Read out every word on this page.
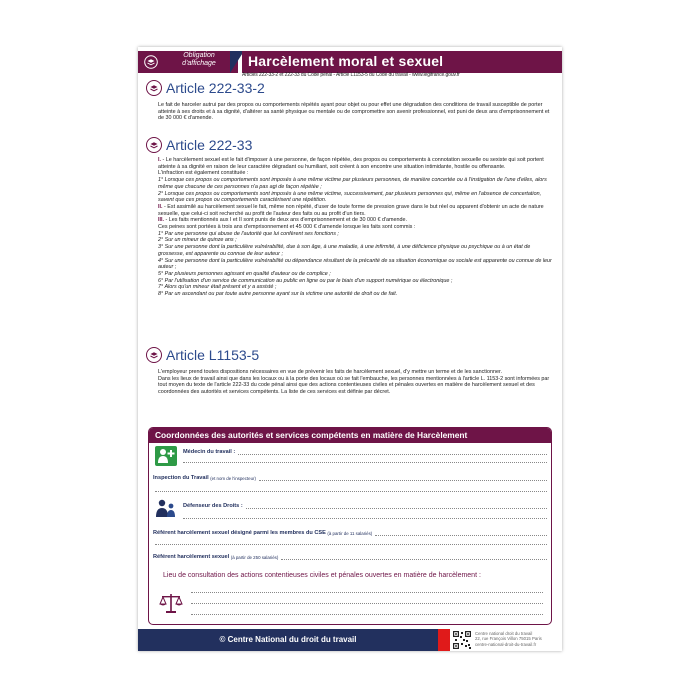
Obligation d'affichage	Harcèlement moral et sexuel
Articles 222-33-2 et 222-33 du Code pénal - Article L1153-5 du Code du travail - www.legifrance.gouv.fr
Article 222-33-2
Le fait de harceler autrui par des propos ou comportements répétés ayant pour objet ou pour effet une dégradation des conditions de travail susceptible de porter atteinte à ses droits et à sa dignité, d'altérer sa santé physique ou mentale ou de compromettre son avenir professionnel, est puni de deux ans d'emprisonnement et de 30 000 € d'amende.
Article 222-33

I. - Le harcèlement sexuel est le fait d'imposer à une personne, de façon répétée, des propos ou comportements à connotation sexuelle ou sexiste qui soit portent atteinte à sa dignité en raison de leur caractère dégradant ou humiliant, soit créent à son encontre une situation intimidante, hostile ou offensante.

L'infraction est également constituée :

1° Lorsque ces propos ou comportements sont imposés à une même victime par plusieurs personnes, de manière concertée ou à l'instigation de l'une d'elles, alors même que chacune de ces personnes n'a pas agi de façon répétée ;

2° Lorsque ces propos ou comportements sont imposés à une même victime, successivement, par plusieurs personnes qui, même en l'absence de concertation, savent que ces propos ou comportements caractérisent une répétition.

II. - Est assimilé au harcèlement sexuel le fait, même non répété, d'user de toute forme de pression grave dans le but réel ou apparent d'obtenir un acte de nature sexuelle, que celui-ci soit recherché au profit de l'auteur des faits ou au profit d'un tiers.

III. - Les faits mentionnés aux I et II sont punis de deux ans d'emprisonnement et de 30 000 € d'amende.

Ces peines sont portées à trois ans d'emprisonnement et 45 000 € d'amende lorsque les faits sont commis :

1° Par une personne qui abuse de l'autorité que lui confèrent ses fonctions ;

2° Sur un mineur de quinze ans ;

3° Sur une personne dont la particulière vulnérabilité, due à son âge, à une maladie, à une infirmité, à une déficience physique ou psychique ou à un état de grossesse, est apparente ou connue de leur auteur ;

4° Sur une personne dont la particulière vulnérabilité ou dépendance résultant de la précarité de sa situation économique ou sociale est apparente ou connue de leur auteur ;

5° Par plusieurs personnes agissant en qualité d'auteur ou de complice ;

6° Par l'utilisation d'un service de communication au public en ligne ou par le biais d'un support numérique ou électronique ;

7° Alors qu'un mineur était présent et y a assisté ;

8° Par un ascendant ou par toute autre personne ayant sur la victime une autorité de droit ou de fait.

Article L1153-5

L'employeur prend toutes dispositions nécessaires en vue de prévenir les faits de harcèlement sexuel, d'y mettre un terme et de les sanctionner.

Dans les lieux de travail ainsi que dans les locaux ou à la porte des locaux où se fait l'embauche, les personnes mentionnées à l'article L. 1153-2 sont informées par tout moyen du texte de l'article 222-33 du code pénal ainsi que des actions contentieuses civiles et pénales ouvertes en matière de harcèlement sexuel et des coordonnées des autorités et services compétents. La liste de ces services est définie par décret.

Coordonnées des autorités et services compétents en matière de Harcèlement
Médecin du travail :
Inspection du Travail
(et nom de l'inspecteur)
Défenseur des Droits :
Référent harcèlement sexuel désigné parmi les membres du CSE
(à partir de 11 salariés)
Référent harcèlement sexuel
(à partir de 250 salariés)
Lieu de consultation des actions contentieuses civiles et pénales ouvertes en matière de harcèlement :
© Centre National du droit du travail
Centre national droit du travail
22, rue François Villon 75015 Paris
centre-national-droit-du-travail.fr
